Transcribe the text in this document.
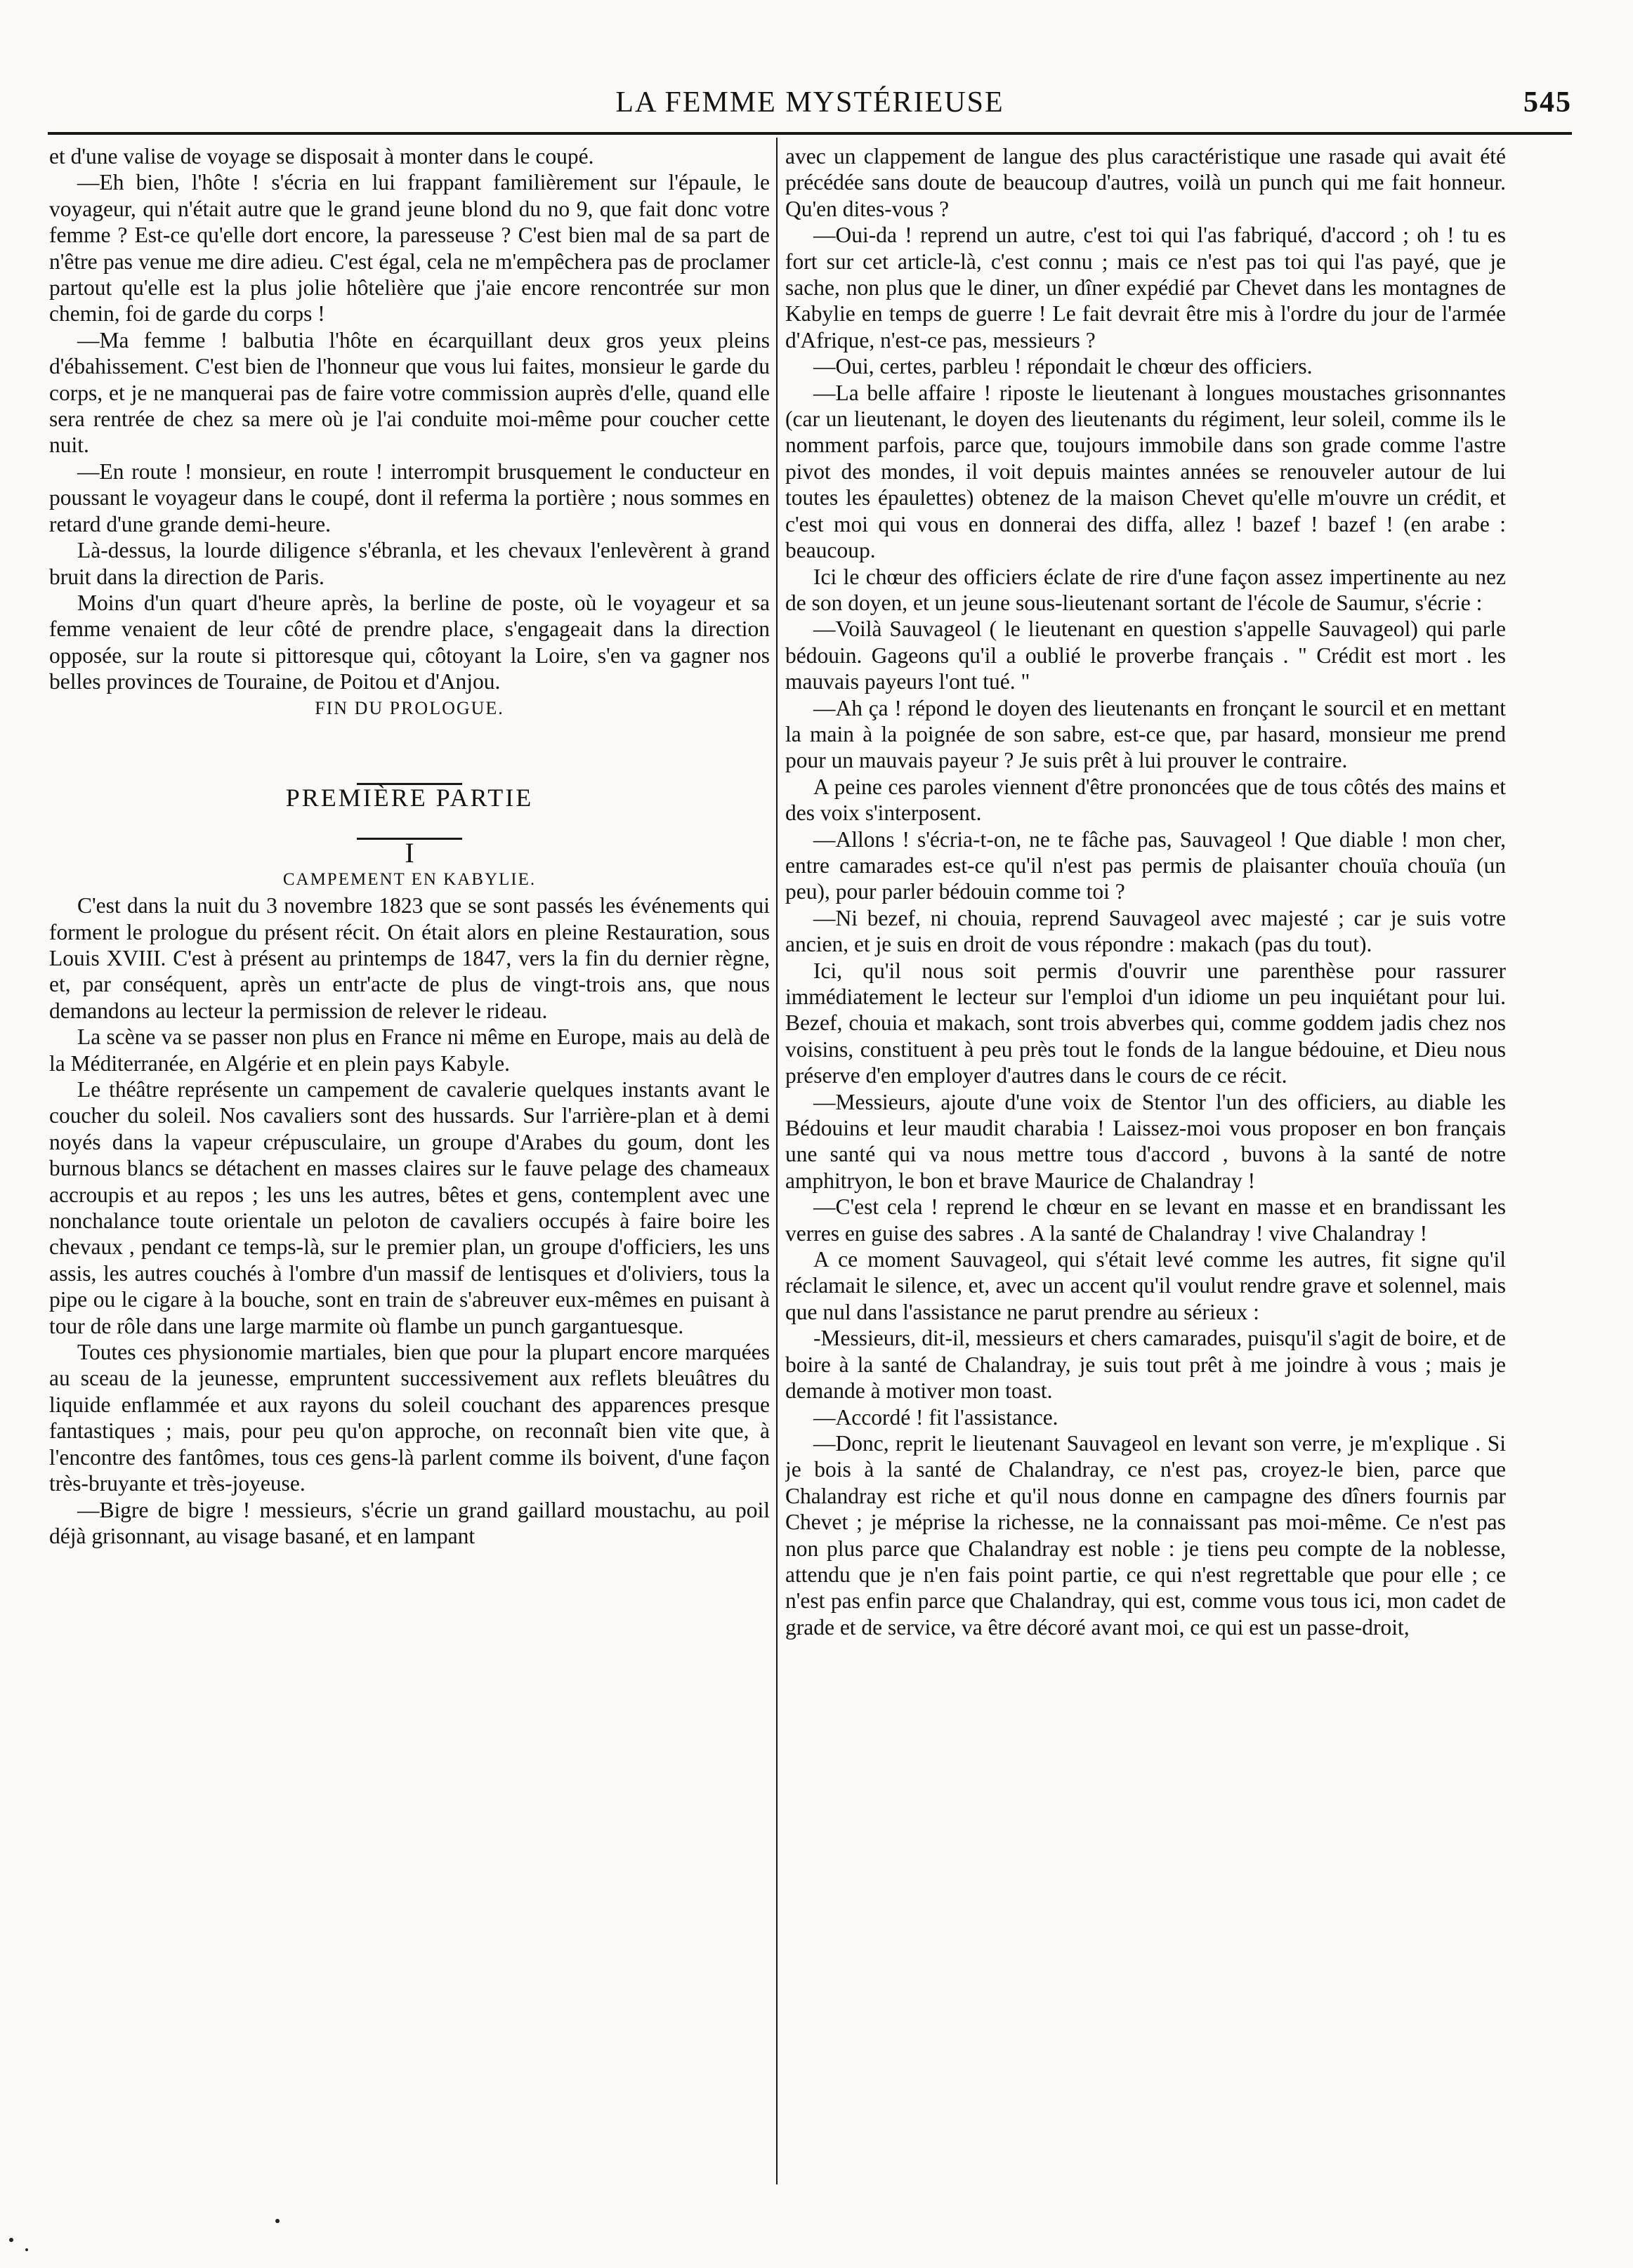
LA FEMME MYSTÉRIEUSE	545

et d'une valise de voyage se disposait à monter dans le coupé.

—Eh bien, l'hôte ! s'écria en lui frappant familièrement sur l'épaule, le voyageur, qui n'était autre que le grand jeune blond du no 9, que fait donc votre femme ? Est-ce qu'elle dort encore, la paresseuse ? C'est bien mal de sa part de n'être pas venue me dire adieu. C'est égal, cela ne m'empêchera pas de proclamer partout qu'elle est la plus jolie hôtelière que j'aie encore rencontrée sur mon chemin, foi de garde du corps !

—Ma femme ! balbutia l'hôte en écarquillant deux gros yeux pleins d'ébahissement. C'est bien de l'honneur que vous lui faites, monsieur le garde du corps, et je ne manquerai pas de faire votre commission auprès d'elle, quand elle sera rentrée de chez sa mere où je l'ai conduite moi-même pour coucher cette nuit.

—En route ! monsieur, en route ! interrompit brusquement le conducteur en poussant le voyageur dans le coupé, dont il referma la portière ; nous sommes en retard d'une grande demi-heure.

Là-dessus, la lourde diligence s'ébranla, et les chevaux l'enlevèrent à grand bruit dans la direction de Paris.

Moins d'un quart d'heure après, la berline de poste, où le voyageur et sa femme venaient de leur côté de prendre place, s'engageait dans la direction opposée, sur la route si pittoresque qui, côtoyant la Loire, s'en va gagner nos belles provinces de Touraine, de Poitou et d'Anjou.

FIN DU PROLOGUE.

PREMIÈRE PARTIE

I

CAMPEMENT EN KABYLIE.

C'est dans la nuit du 3 novembre 1823 que se sont passés les événements qui forment le prologue du présent récit. On était alors en pleine Restauration, sous Louis XVIII. C'est à présent au printemps de 1847, vers la fin du dernier règne, et, par conséquent, après un entr'acte de plus de vingt-trois ans, que nous demandons au lecteur la permission de relever le rideau.

La scène va se passer non plus en France ni même en Europe, mais au delà de la Méditerranée, en Algérie et en plein pays Kabyle.

Le théâtre représente un campement de cavalerie quelques instants avant le coucher du soleil. Nos cavaliers sont des hussards. Sur l'arrière-plan et à demi noyés dans la vapeur crépusculaire, un groupe d'Arabes du goum, dont les burnous blancs se détachent en masses claires sur le fauve pelage des chameaux accroupis et au repos ; les uns les autres, bêtes et gens, contemplent avec une nonchalance toute orientale un peloton de cavaliers occupés à faire boire les chevaux , pendant ce temps-là, sur le premier plan, un groupe d'officiers, les uns assis, les autres couchés à l'ombre d'un massif de lentisques et d'oliviers, tous la pipe ou le cigare à la bouche, sont en train de s'abreuver eux-mêmes en puisant à tour de rôle dans une large marmite où flambe un punch gargantuesque.

Toutes ces physionomie martiales, bien que pour la plupart encore marquées au sceau de la jeunesse, empruntent successivement aux reflets bleuâtres du liquide enflammée et aux rayons du soleil couchant des apparences presque fantastiques ; mais, pour peu qu'on approche, on reconnaît bien vite que, à l'encontre des fantômes, tous ces gens-là parlent comme ils boivent, d'une façon très-bruyante et très-joyeuse.

—Bigre de bigre ! messieurs, s'écrie un grand gaillard moustachu, au poil déjà grisonnant, au visage basané, et en lampant

avec un clappement de langue des plus caractéristique une rasade qui avait été précédée sans doute de beaucoup d'autres, voilà un punch qui me fait honneur. Qu'en dites-vous ?

—Oui-da ! reprend un autre, c'est toi qui l'as fabriqué, d'accord ; oh ! tu es fort sur cet article-là, c'est connu ; mais ce n'est pas toi qui l'as payé, que je sache, non plus que le diner, un dîner expédié par Chevet dans les montagnes de Kabylie en temps de guerre ! Le fait devrait être mis à l'ordre du jour de l'armée d'Afrique, n'est-ce pas, messieurs ?

—Oui, certes, parbleu ! répondait le chœur des officiers.

—La belle affaire ! riposte le lieutenant à longues moustaches grisonnantes (car un lieutenant, le doyen des lieutenants du régiment, leur soleil, comme ils le nomment parfois, parce que, toujours immobile dans son grade comme l'astre pivot des mondes, il voit depuis maintes années se renouveler autour de lui toutes les épaulettes) obtenez de la maison Chevet qu'elle m'ouvre un crédit, et c'est moi qui vous en donnerai des diffa, allez ! bazef ! bazef ! (en arabe : beaucoup.

Ici le chœur des officiers éclate de rire d'une façon assez impertinente au nez de son doyen, et un jeune sous-lieutenant sortant de l'école de Saumur, s'écrie :

—Voilà Sauvageol ( le lieutenant en question s'appelle Sauvageol) qui parle bédouin. Gageons qu'il a oublié le proverbe français . " Crédit est mort . les mauvais payeurs l'ont tué. "

—Ah ça ! répond le doyen des lieutenants en fronçant le sourcil et en mettant la main à la poignée de son sabre, est-ce que, par hasard, monsieur me prend pour un mauvais payeur ? Je suis prêt à lui prouver le contraire.

A peine ces paroles viennent d'être prononcées que de tous côtés des mains et des voix s'interposent.

—Allons ! s'écria-t-on, ne te fâche pas, Sauvageol ! Que diable ! mon cher, entre camarades est-ce qu'il n'est pas permis de plaisanter chouïa chouïa (un peu), pour parler bédouin comme toi ?

—Ni bezef, ni chouia, reprend Sauvageol avec majesté ; car je suis votre ancien, et je suis en droit de vous répondre : makach (pas du tout).

Ici, qu'il nous soit permis d'ouvrir une parenthèse pour rassurer immédiatement le lecteur sur l'emploi d'un idiome un peu inquiétant pour lui. Bezef, chouia et makach, sont trois abverbes qui, comme goddem jadis chez nos voisins, constituent à peu près tout le fonds de la langue bédouine, et Dieu nous préserve d'en employer d'autres dans le cours de ce récit.

—Messieurs, ajoute d'une voix de Stentor l'un des officiers, au diable les Bédouins et leur maudit charabia ! Laissez-moi vous proposer en bon français une santé qui va nous mettre tous d'accord , buvons à la santé de notre amphitryon, le bon et brave Maurice de Chalandray !

—C'est cela ! reprend le chœur en se levant en masse et en brandissant les verres en guise des sabres . A la santé de Chalandray ! vive Chalandray !

A ce moment Sauvageol, qui s'était levé comme les autres, fit signe qu'il réclamait le silence, et, avec un accent qu'il voulut rendre grave et solennel, mais que nul dans l'assistance ne parut prendre au sérieux :

-Messieurs, dit-il, messieurs et chers camarades, puisqu'il s'agit de boire, et de boire à la santé de Chalandray, je suis tout prêt à me joindre à vous ; mais je demande à motiver mon toast.

—Accordé ! fit l'assistance.

—Donc, reprit le lieutenant Sauvageol en levant son verre, je m'explique . Si je bois à la santé de Chalandray, ce n'est pas, croyez-le bien, parce que Chalandray est riche et qu'il nous donne en campagne des dîners fournis par Chevet ; je méprise la richesse, ne la connaissant pas moi-même. Ce n'est pas non plus parce que Chalandray est noble : je tiens peu compte de la noblesse, attendu que je n'en fais point partie, ce qui n'est regrettable que pour elle ; ce n'est pas enfin parce que Chalandray, qui est, comme vous tous ici, mon cadet de grade et de service, va être décoré avant moi, ce qui est un passe-droit,
